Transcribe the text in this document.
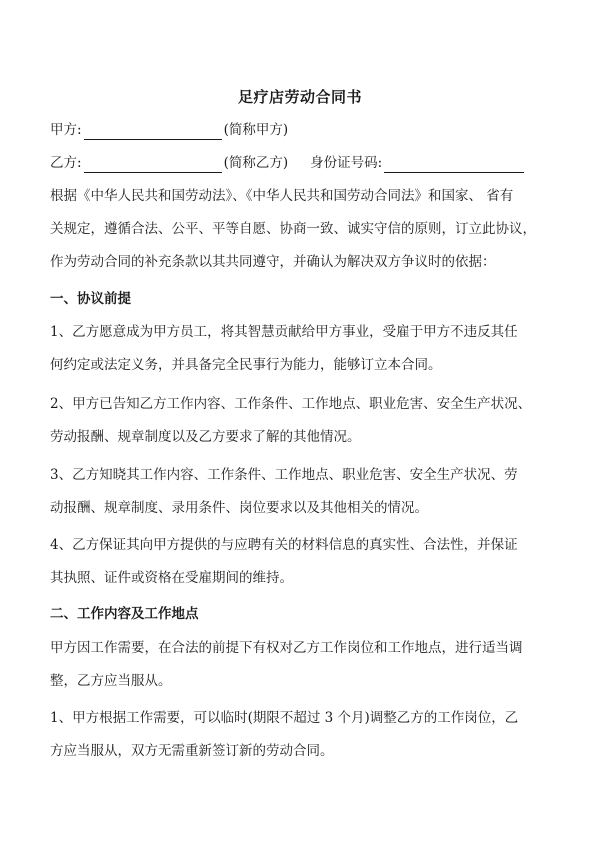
足疗店劳动合同书
甲方:	(简称甲方)
乙方:	(简称乙方) 身份证号码:
根据《中华人民共和国劳动法》、《中华人民共和国劳动合同法》和国家、 省有
关规定，遵循合法、公平、平等自愿、协商一致、诚实守信的原则，订立此协议，
作为劳动合同的补充条款以其共同遵守，并确认为解决双方争议时的依据：
一、协议前提
1、乙方愿意成为甲方员工，将其智慧贡献给甲方事业，受雇于甲方不违反其任
何约定或法定义务，并具备完全民事行为能力，能够订立本合同。
2、甲方已告知乙方工作内容、工作条件、工作地点、职业危害、安全生产状况、
劳动报酬、规章制度以及乙方要求了解的其他情况。
3、乙方知晓其工作内容、工作条件、工作地点、职业危害、安全生产状况、劳
动报酬、规章制度、录用条件、岗位要求以及其他相关的情况。
4、乙方保证其向甲方提供的与应聘有关的材料信息的真实性、合法性，并保证
其执照、证件或资格在受雇期间的维持。
二、工作内容及工作地点
甲方因工作需要，在合法的前提下有权对乙方工作岗位和工作地点，进行适当调
整，乙方应当服从。
1、甲方根据工作需要，可以临时(期限不超过 3 个月)调整乙方的工作岗位，乙
方应当服从，双方无需重新签订新的劳动合同。
